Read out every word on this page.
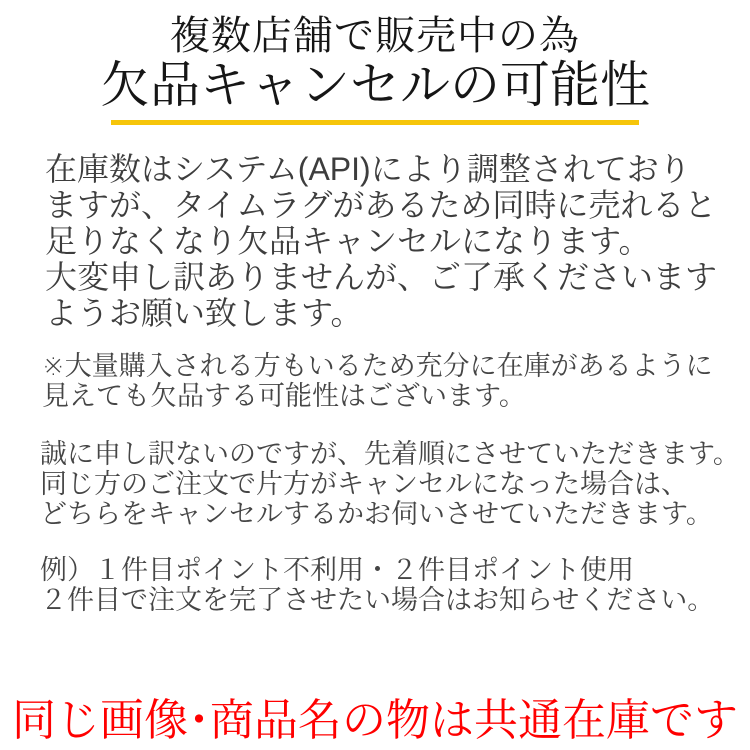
複数店舗で販売中の為
欠品キャンセルの可能性
在庫数はシステム(API)により調整されており
ますが、タイムラグがあるため同時に売れると
足りなくなり欠品キャンセルになります。
大変申し訳ありませんが、ご了承くださいます
ようお願い致します。
※大量購入される方もいるため充分に在庫があるように
見えても欠品する可能性はございます。
誠に申し訳ないのですが、先着順にさせていただきます。
同じ方のご注文で片方がキャンセルになった場合は、
どちらをキャンセルするかお伺いさせていただきます。
例）１件目ポイント不利用・２件目ポイント使用
２件目で注文を完了させたい場合はお知らせください。
同じ画像･商品名の物は共通在庫です
